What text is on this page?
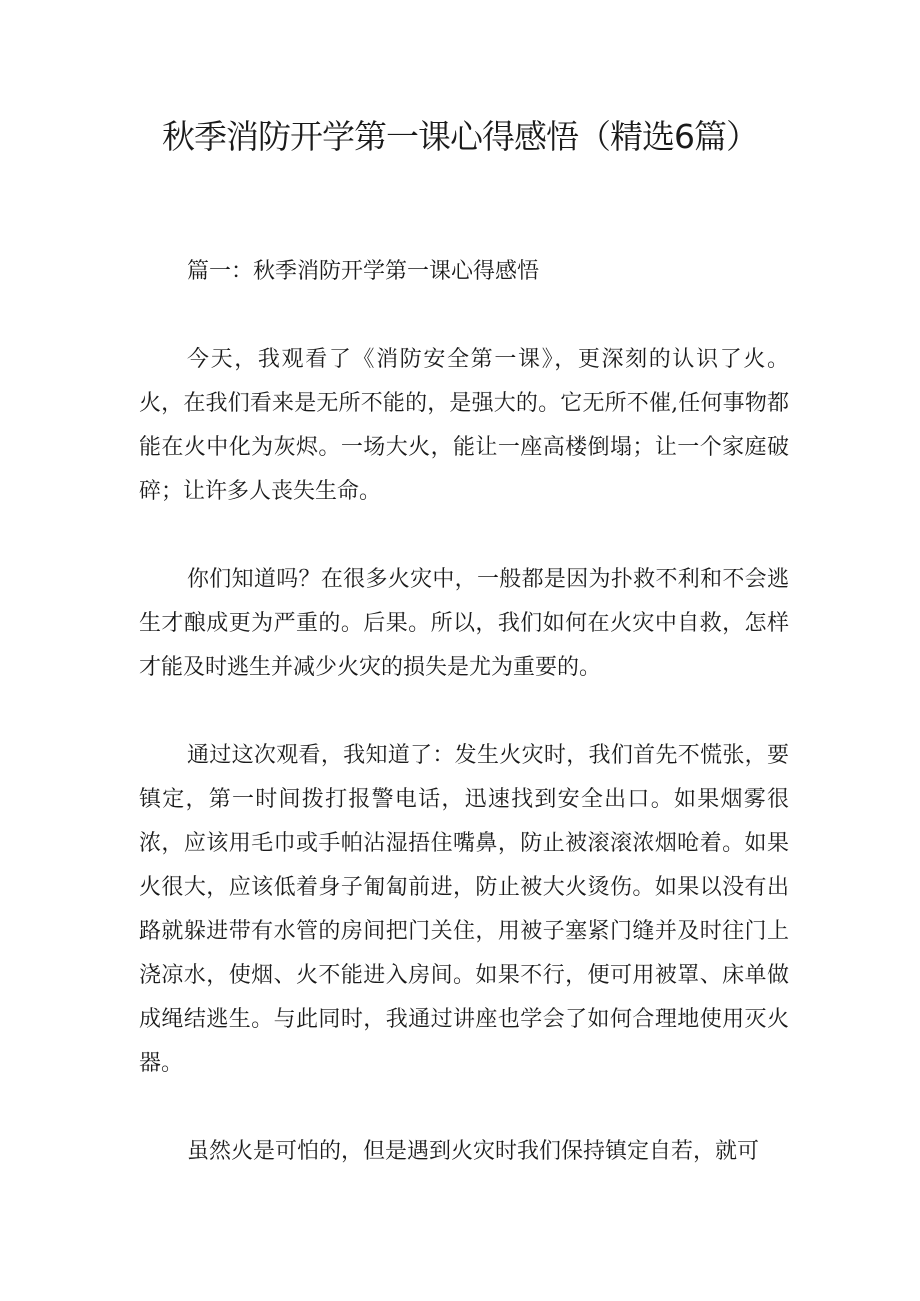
秋季消防开学第一课心得感悟（精选6篇）

篇一：秋季消防开学第一课心得感悟

今天，我观看了《消防安全第一课》，更深刻的认识了火。火，在我们看来是无所不能的，是强大的。它无所不催,任何事物都能在火中化为灰烬。一场大火，能让一座高楼倒塌；让一个家庭破碎；让许多人丧失生命。

你们知道吗？在很多火灾中，一般都是因为扑救不利和不会逃生才酿成更为严重的。后果。所以，我们如何在火灾中自救，怎样才能及时逃生并减少火灾的损失是尤为重要的。

通过这次观看，我知道了：发生火灾时，我们首先不慌张，要镇定，第一时间拨打报警电话，迅速找到安全出口。如果烟雾很浓，应该用毛巾或手帕沾湿捂住嘴鼻，防止被滚滚浓烟呛着。如果火很大，应该低着身子匍匐前进，防止被大火烫伤。如果以没有出路就躲进带有水管的房间把门关住，用被子塞紧门缝并及时往门上浇凉水，使烟、火不能进入房间。如果不行，便可用被罩、床单做成绳结逃生。与此同时，我通过讲座也学会了如何合理地使用灭火器。

虽然火是可怕的，但是遇到火灾时我们保持镇定自若，就可
